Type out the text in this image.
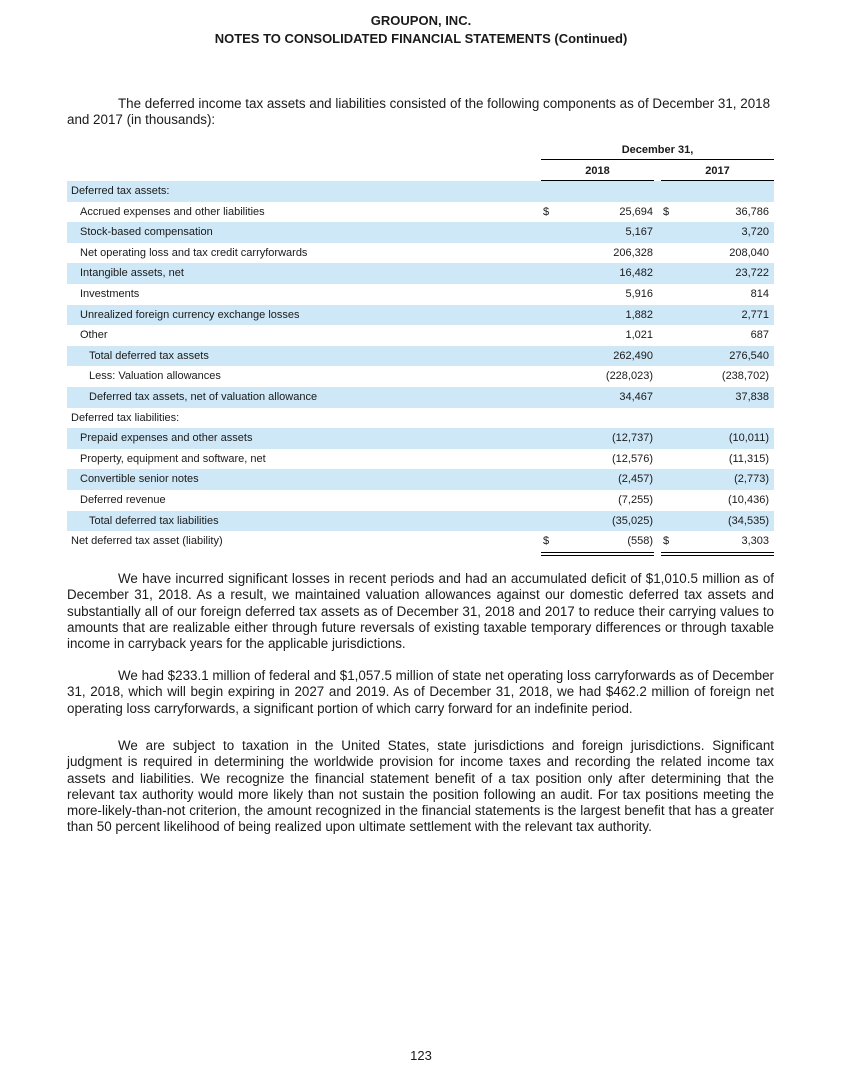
GROUPON, INC.
NOTES TO CONSOLIDATED FINANCIAL STATEMENTS (Continued)
The deferred income tax assets and liabilities consisted of the following components as of December 31, 2018 and 2017 (in thousands):
December 31,
2018	2017
Deferred tax assets:
Accrued expenses and other liabilities	$	25,694 $	36,786
Stock-based compensation	5,167	3,720
Net operating loss and tax credit carryforwards	206,328	208,040
Intangible assets, net	16,482	23,722
Investments	5,916	814
Unrealized foreign currency exchange losses	1,882	2,771
Other	1,021	687
Total deferred tax assets	262,490	276,540
Less: Valuation allowances	(228,023)	(238,702)
Deferred tax assets, net of valuation allowance	34,467	37,838
Deferred tax liabilities:
Prepaid expenses and other assets	(12,737)	(10,011)
Property, equipment and software, net	(12,576)	(11,315)
Convertible senior notes	(2,457)	(2,773)
Deferred revenue	(7,255)	(10,436)
Total deferred tax liabilities	(35,025)	(34,535)
Net deferred tax asset (liability)	$	(558) $	3,303
We have incurred significant losses in recent periods and had an accumulated deficit of $1,010.5 million as of December 31, 2018. As a result, we maintained valuation allowances against our domestic deferred tax assets and substantially all of our foreign deferred tax assets as of December 31, 2018 and 2017 to reduce their carrying values to amounts that are realizable either through future reversals of existing taxable temporary differences or through taxable income in carryback years for the applicable jurisdictions.
We had $233.1 million of federal and $1,057.5 million of state net operating loss carryforwards as of December 31, 2018, which will begin expiring in 2027 and 2019. As of December 31, 2018, we had $462.2 million of foreign net operating loss carryforwards, a significant portion of which carry forward for an indefinite period.
We are subject to taxation in the United States, state jurisdictions and foreign jurisdictions. Significant judgment is required in determining the worldwide provision for income taxes and recording the related income tax assets and liabilities. We recognize the financial statement benefit of a tax position only after determining that the relevant tax authority would more likely than not sustain the position following an audit. For tax positions meeting the more-likely-than-not criterion, the amount recognized in the financial statements is the largest benefit that has a greater than 50 percent likelihood of being realized upon ultimate settlement with the relevant tax authority.
123
